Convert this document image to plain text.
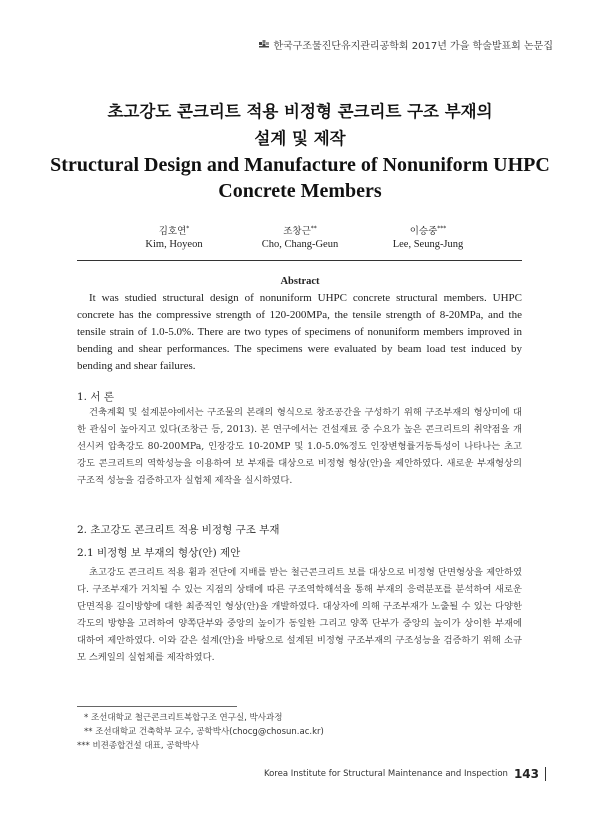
한국구조물진단유지관리공학회 2017년 가을 학술발표회 논문집
초고강도 콘크리트 적용 비정형 콘크리트 구조 부재의
설계 및 제작
Structural Design and Manufacture of Nonuniform UHPC
Concrete Members
김호연*
Kim, Hoyeon
조창근**
Cho, Chang-Geun
이승중***
Lee, Seung-Jung
Abstract
It was studied structural design of nonuniform UHPC concrete structural members. UHPC concrete has the compressive strength of 120-200MPa, the tensile strength of 8-20MPa, and the tensile strain of 1.0-5.0%. There are two types of specimens of nonuniform members improved in bending and shear performances. The specimens were evaluated by beam load test induced by bending and shear failures.
1. 서 론
건축계획 및 설계분야에서는 구조물의 본래의 형식으로 창조공간을 구성하기 위해 구조부재의 형상미에 대한 관심이 높아지고 있다(조창근 등, 2013). 본 연구에서는 건설재료 중 수요가 높은 콘크리트의 취약점을 개선시켜 압축강도 80-200MPa, 인장강도 10-20MP 및 1.0-5.0%정도 인장변형률거동특성이 나타나는 초고강도 콘크리트의 역학성능을 이용하여 보 부재를 대상으로 비정형 형상(안)을 제안하였다. 새로운 부재형상의 구조적 성능을 검증하고자 실험체 제작을 실시하였다.
2. 초고강도 콘크리트 적용 비정형 구조 부재
2.1 비정형 보 부재의 형상(안) 제안
초고강도 콘크리트 적용 휨과 전단에 지배를 받는 철근콘크리트 보를 대상으로 비정형 단면형상을 제안하였다. 구조부재가 거치될 수 있는 지점의 상태에 따른 구조역학해석을 통해 부재의 응력분포를 분석하여 새로운 단면적용 길이방향에 대한 최종적인 형상(안)을 개발하였다. 대상자에 의해 구조부재가 노출될 수 있는 다양한 각도의 방향을 고려하여 양쪽단부와 중앙의 높이가 동일한 그리고 양쪽 단부가 중앙의 높이가 상이한 부재에 대하여 제안하였다. 이와 같은 설계(안)을 바탕으로 설계된 비정형 구조부재의 구조성능을 검증하기 위해 소규모 스케일의 실험체를 제작하였다.
* 조선대학교 철근콘크리트복합구조 연구실, 박사과정
** 조선대학교 건축학부 교수, 공학박사(chocg@chosun.ac.kr)
*** 비젼종합건설 대표, 공학박사
Korea Institute for Structural Maintenance and Inspection 143
